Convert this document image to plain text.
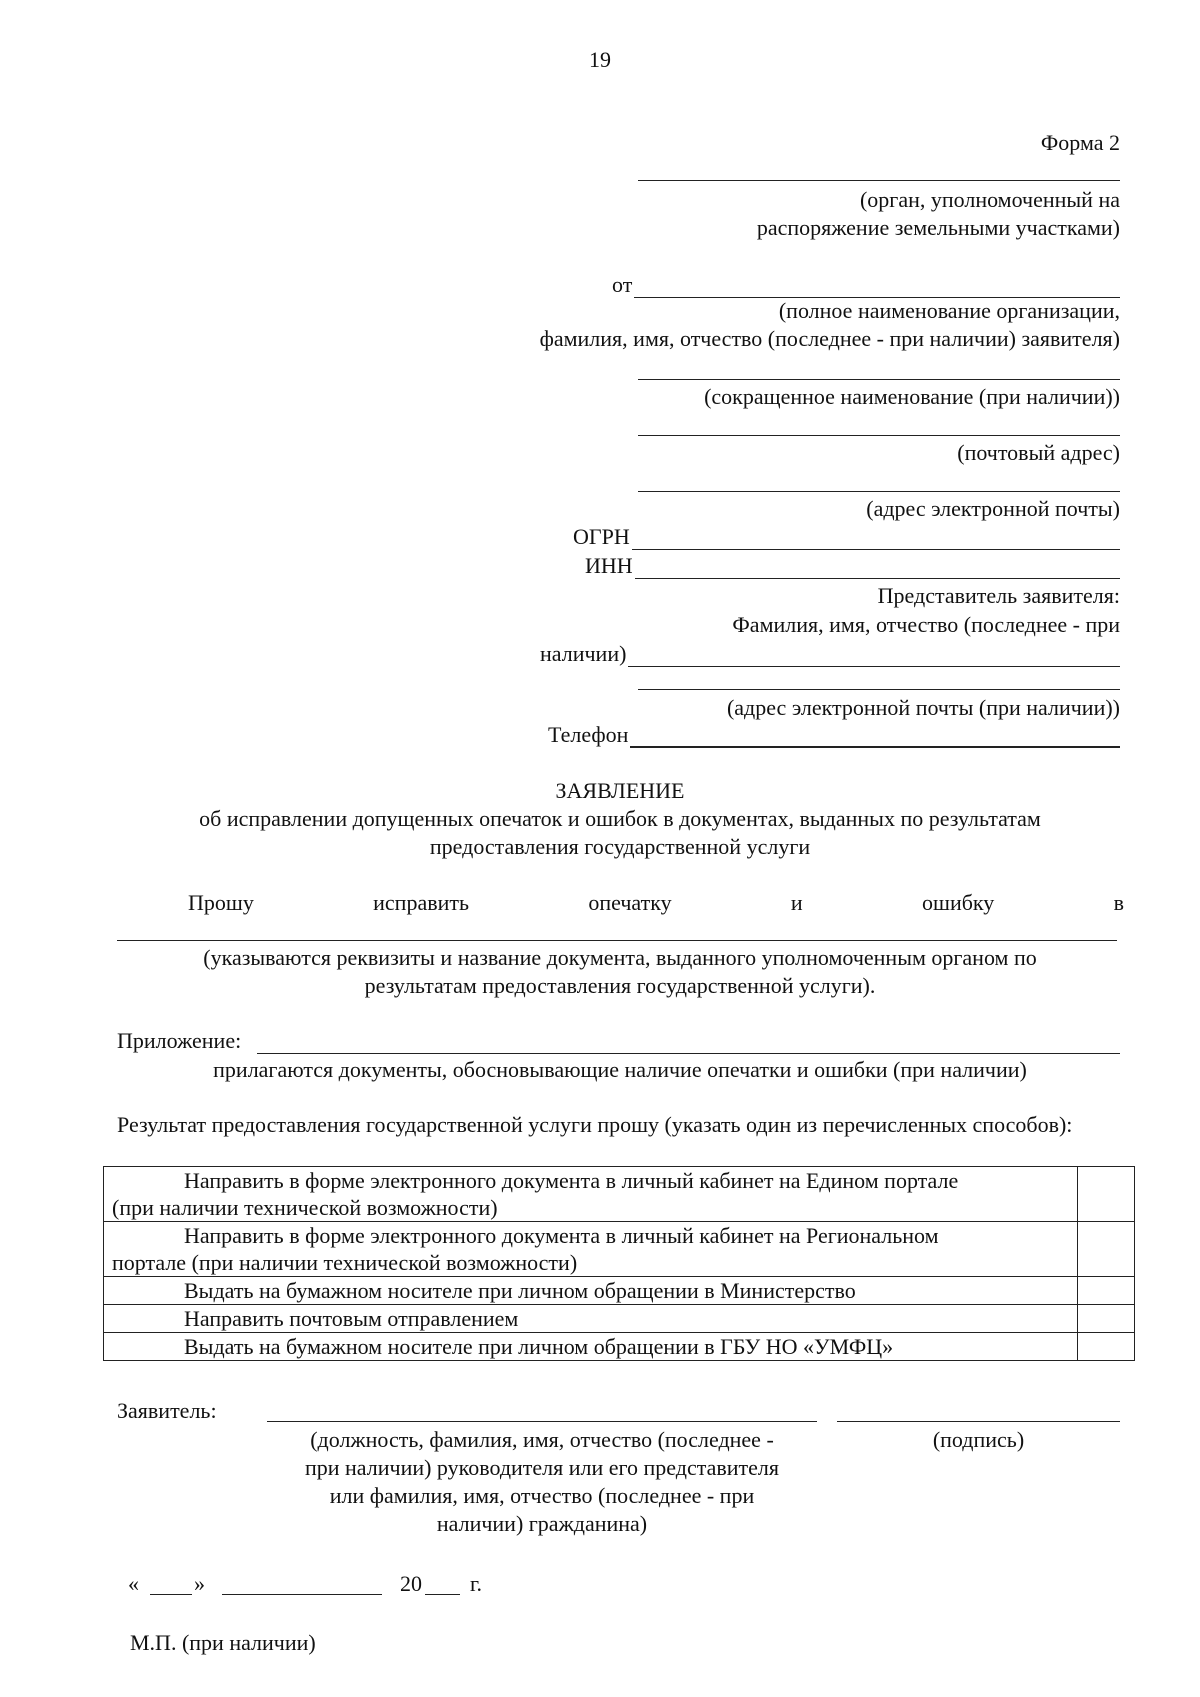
19
Форма 2
(орган, уполномоченный на
распоряжение земельными участками)
от
(полное наименование организации,
фамилия, имя, отчество (последнее - при наличии) заявителя)
(сокращенное наименование (при наличии))
(почтовый адрес)
(адрес электронной почты)
ОГРН
ИНН
Представитель заявителя:
Фамилия, имя, отчество (последнее - при
наличии)
(адрес электронной почты (при наличии))
Телефон
ЗАЯВЛЕНИЕ
об исправлении допущенных опечаток и ошибок в документах, выданных по результатам
предоставления государственной услуги
Прошу	исправить	опечатку	и	ошибку	в
(указываются реквизиты и название документа, выданного уполномоченным органом по
результатам предоставления государственной услуги).
Приложение:
прилагаются документы, обосновывающие наличие опечатки и ошибки (при наличии)
Результат предоставления государственной услуги прошу (указать один из перечисленных способов):
Направить в форме электронного документа в личный кабинет на Едином портале
(при наличии технической возможности)	

Направить в форме электронного документа в личный кабинет на Региональном
портале (при наличии технической возможности)	

Выдать на бумажном носителе при личном обращении в Министерство	

Направить почтовым отправлением	

Выдать на бумажном носителе при личном обращении в ГБУ НО «УМФЦ»	

Заявитель:
(должность, фамилия, имя, отчество (последнее -
при наличии) руководителя или его представителя
или фамилия, имя, отчество (последнее - при
наличии) гражданина)
(подпись)
«	»	20 г.
М.П. (при наличии)
